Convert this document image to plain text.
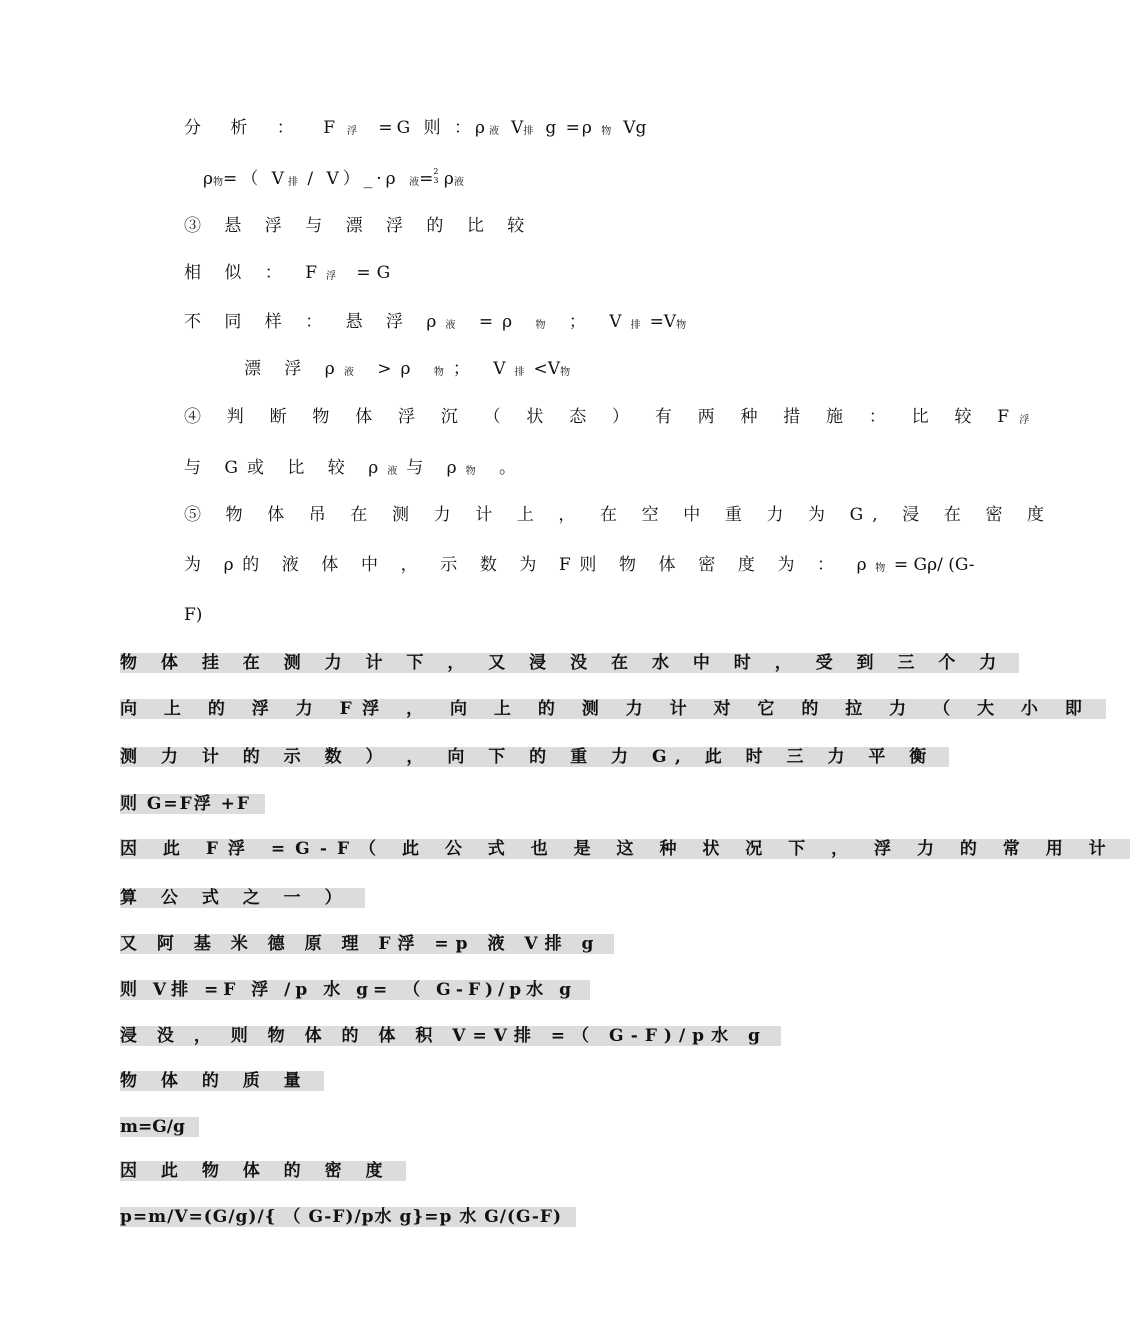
分 析 ： F浮 =G 则 ：ρ液V排g =ρ 物Vg
ρ物=（ V排 / V）_·ρ 液=2
3 ρ液
③ 悬 浮 与 漂 浮 的 比 较
相 似 ： F浮 =G
不 同 样 ： 悬 浮 ρ液 =ρ 物 ； V排=V物
漂 浮 ρ液 >ρ 物； V排<V物
④ 判 断 物 体 浮 沉 （ 状 态 ） 有 两 种 措 施 ： 比 较 F浮
与 G或 比 较 ρ液与 ρ物 。
⑤ 物 体 吊 在 测 力 计 上 ， 在 空 中 重 力 为 G, 浸 在 密 度
为 ρ的 液 体 中 ， 示 数 为 F则 物 体 密 度 为 ： ρ物= Gρ/ (G-
F)
物 体 挂 在 测 力 计 下 ， 又 浸 没 在 水 中 时 ， 受 到 三 个 力
向 上 的 浮 力 F浮 ， 向 上 的 测 力 计 对 它 的 拉 力 （ 大 小 即
测 力 计 的 示 数 ） ， 向 下 的 重 力 G, 此 时 三 力 平 衡
则 G=F浮 +F
因 此 F浮 =G-F（ 此 公 式 也 是 这 种 状 况 下 ， 浮 力 的 常 用 计
算 公 式 之 一 ）
又 阿 基 米 德 原 理 F浮 =p 液 V排 g
则 V排 =F 浮 /p 水 g= （ G-F)/p水 g
浸 没 ， 则 物 体 的 体 积 V=V排 =（ G-F)/p水 g
物 体 的 质 量
m=G/g
因 此 物 体 的 密 度
p=m/V=(G/g)/{ （ G-F)/p水 g}=p 水 G/(G-F)
